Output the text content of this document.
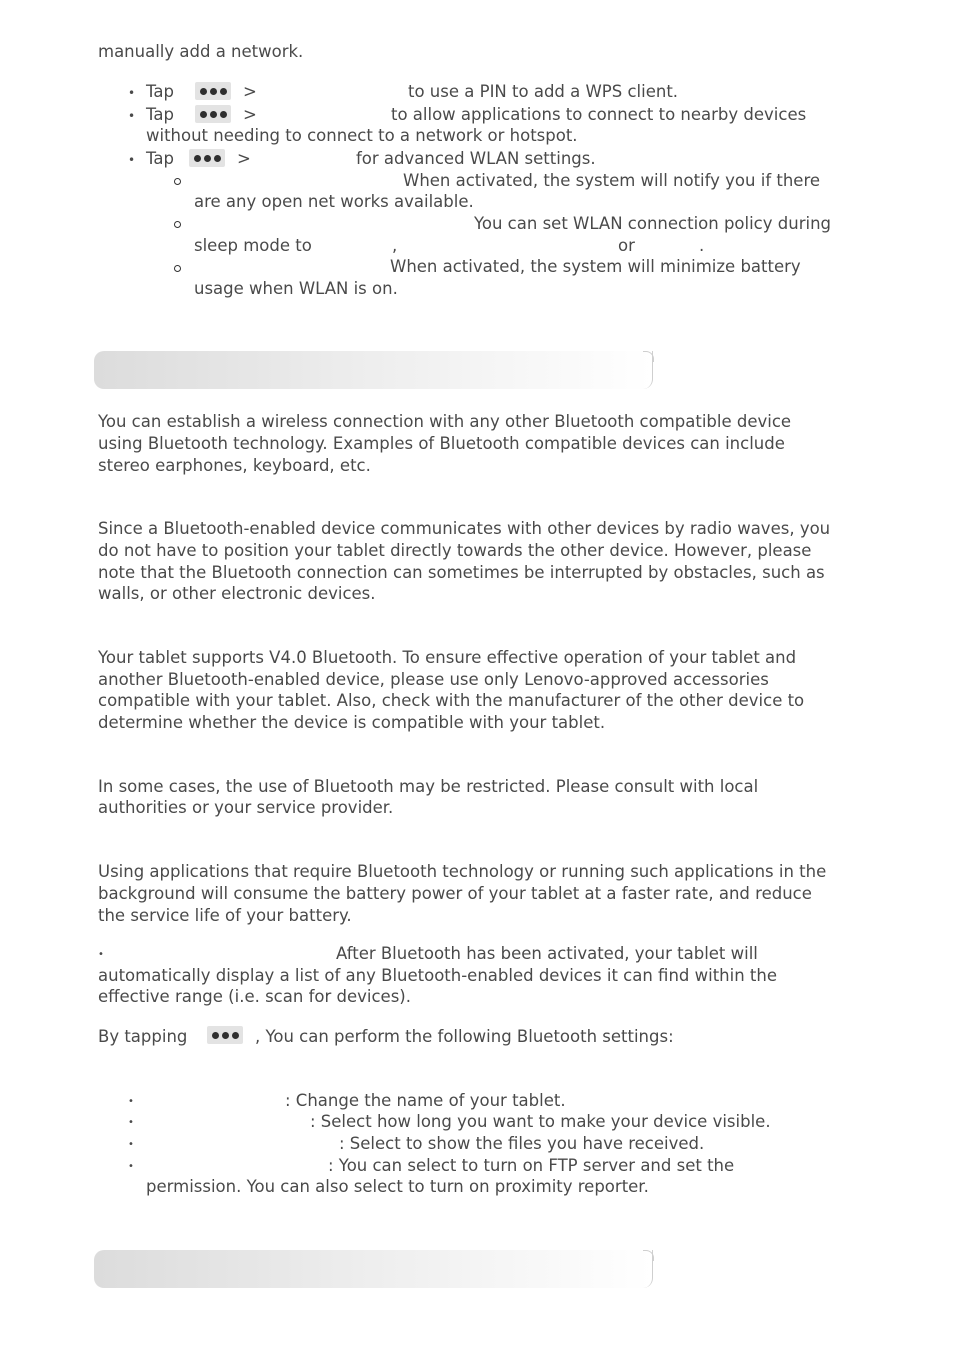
manually add a network.
• Tap	>	to use a PIN to add a WPS client.
• Tap	>	to allow applications to connect to nearby devices
without needing to connect to a network or hotspot.
• Tap	>	for advanced WLAN settings.
When activated, the system will notify you if there
are any open net works available.
You can set WLAN connection policy during
sleep mode to	,	or	.
When activated, the system will minimize battery
usage when WLAN is on.
You can establish a wireless connection with any other Bluetooth compatible device
using Bluetooth technology. Examples of Bluetooth compatible devices can include
stereo earphones, keyboard, etc.
Since a Bluetooth-enabled device communicates with other devices by radio waves, you
do not have to position your tablet directly towards the other device. However, please
note that the Bluetooth connection can sometimes be interrupted by obstacles, such as
walls, or other electronic devices.
Your tablet supports V4.0 Bluetooth. To ensure effective operation of your tablet and
another Bluetooth-enabled device, please use only Lenovo-approved accessories
compatible with your tablet. Also, check with the manufacturer of the other device to
determine whether the device is compatible with your tablet.
In some cases, the use of Bluetooth may be restricted. Please consult with local
authorities or your service provider.
Using applications that require Bluetooth technology or running such applications in the
background will consume the battery power of your tablet at a faster rate, and reduce
the service life of your battery.
•	After Bluetooth has been activated, your tablet will
automatically display a list of any Bluetooth-enabled devices it can find within the
effective range (i.e. scan for devices).
By tapping	, You can perform the following Bluetooth settings:
•	: Change the name of your tablet.
•	: Select how long you want to make your device visible.
•	: Select to show the files you have received.
•	: You can select to turn on FTP server and set the
permission. You can also select to turn on proximity reporter.
